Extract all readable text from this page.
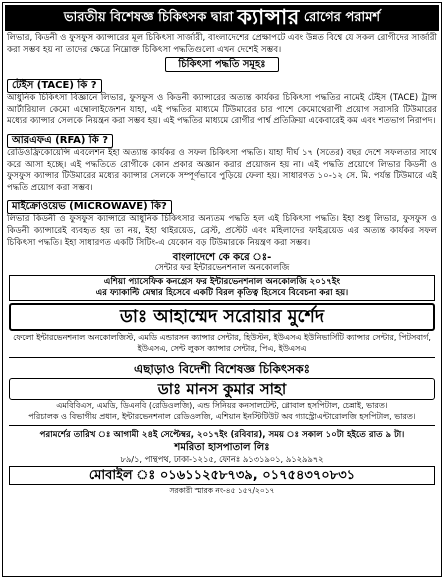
ভারতীয় বিশেষজ্ঞ চিকিৎসক দ্বারা ক্যান্সার রোগের পরামর্শ
লিভার, কিডনী ও ফুসফুস ক্যান্সারের মূল চিকিৎসা সার্জারী, বাংলাদেশের প্রেক্ষাপটে এবং উন্নত বিশ্বে যে সকল রোগীদের সার্জারী করা সম্ভব হয় না তাদের ক্ষেত্রে নিম্নোক্ত চিকিৎসা পদ্ধতিগুলো এখন দেশেই সম্ভব।
চিকিৎসা পদ্ধতি সমূহঃ
টেইস (TACE) কি ?
আধুনিক চিকিৎসা বিজ্ঞানে লিভার, ফুসফুস ও কিডনী ক্যান্সারের অত্যন্ত কার্যকর চিকিৎসা পদ্ধতির নামেই টেইস (TACE) ট্রান্স আর্টারিয়াল কেমো এম্বোলাইজেশন যাহা, এই পদ্ধতির মাধ্যমে টিউমারের চার পাশে কেমোথেরাপী প্রয়োগ সরাসরি টিউমারের মধ্যের ক্যান্সার সেলকে নিয়ন্ত্রন করা সম্ভব হয়। এই পদ্ধতির মাধ্যমে রোগীর পার্শ্ব প্রতিক্রিয়া একেবারেই কম এবং শতভাগ নিরাপদ।
আরএফএ (RFA) কি ?
রেডিওফ্রিকোয়েন্সি এবলেশন ইহা অত্যান্ত কার্যকর ও সফল চিকিৎসা পদ্ধতি। যাহা দীর্ঘ ১৭ (সতের) বছর দেশে সফলতার সাথে করে আসা হচ্ছে। এই পদ্ধতিতে রোগীকে কোন প্রকার অজ্ঞান করার প্রয়োজন হয় না। এই পদ্ধতি প্রয়োগে লিভার কিডনী ও ফুসফুস ক্যান্সার টিউমারের মধ্যের ক্যান্সার সেলকে সম্পূর্ণভাবে পুড়িয়ে ফেলা হয়। সাধারণত ১০-১২ সে. মি. পর্যন্ত টিউমারে এই পদ্ধতি প্রয়োগ করা সম্ভব।
মাইক্রোওয়েভ (MICROWAVE) কি?
লিভার কিডনী ও ফুসফুস ক্যান্সারে আধুনিক চিকিৎসার অন্যতম পদ্ধতি হল এই চিকিৎসা পদ্ধতি। ইহা শুধু লিভার, ফুসফুস ও কিডনী ক্যান্সারেই ব্যবহৃত হয় তা নয়, ইহা থাইরয়েড, ব্রেস্ট, প্রস্টেট এবং মহিলাদের ফাইব্রয়েড এর অত্যন্ত কার্যকর সফল চিকিৎসা পদ্ধতি। ইহা সাধারণত একটি সিটিং-এ যেকোন বড় টিউমারকে নিয়ন্ত্রণ করা সম্ভব।
বাংলাদেশে কে করে ঃ-
সেন্টার ফর ইন্টারভেনশনাল অনকোলজি
এশিয়া প্যাসেফিক কনগ্রেস ফর ইন্টারভেনশনাল অনকোলজি ২০১৭ইং
এর ফ্যাকাল্টি মেম্বার হিসেবে একটি বিরল কৃতিত্ব হিসেবে বিবেচনা করা হয়।
ডাঃ আহাম্মেদ সরোয়ার মুর্শেদ
ফেলো ইন্টারভেনশনাল অনকোলজিস্ট, এমডি এন্ডারসন ক্যান্সার সেন্টার, হিউস্টন, ইউএসএ ইউনিভার্সিটি ক্যান্সার সেন্টার, পিটসবার্গ, ইউএসএ, সেন্ট লুকস ক্যান্সার সেন্টার, পিএ, ইউএসএ
এছাড়াও বিদেশী বিশেষজ্ঞ চিকিৎসকঃ
ডাঃ মানস কুমার সাহা
এমবিবিএস, এমডি, ডিএনবি (রেডিওলজি), এন্ড সিনিয়র কনসালটেন্ট, গ্লোবাল হসপিটাল, চেন্নাই, ভারত।
পরিচালক ও বিভাগীয় প্রধান, ইন্টারভেনশনাল রেডিওলজি, এশিয়ান ইনস্টিটিউট অব গ্যাস্ট্রোএন্টারোলজি হসপিটাল, ভারত।
পরামর্শের তারিখ ঃ আগামী ২৪ই সেপ্টেম্বর, ২০১৭ইং (রবিবার), সময় ঃ সকাল ১০টা হইতে রাত ৯ টা।
শমরিতা হাসপাতাল লিঃ
৮৯/১, পান্থপথ, ঢাকা-১২১৫, ফোনঃ ৯১৩১৯০১, ৯১২৯৯৭২
মোবাইল ঃ ০১৬১১২৫৮৭৩৯, ০১৭৫৪৩৭০৮৩১
সরকারী স্মারক নং-৪৫ ১৫৭/২০১৭
